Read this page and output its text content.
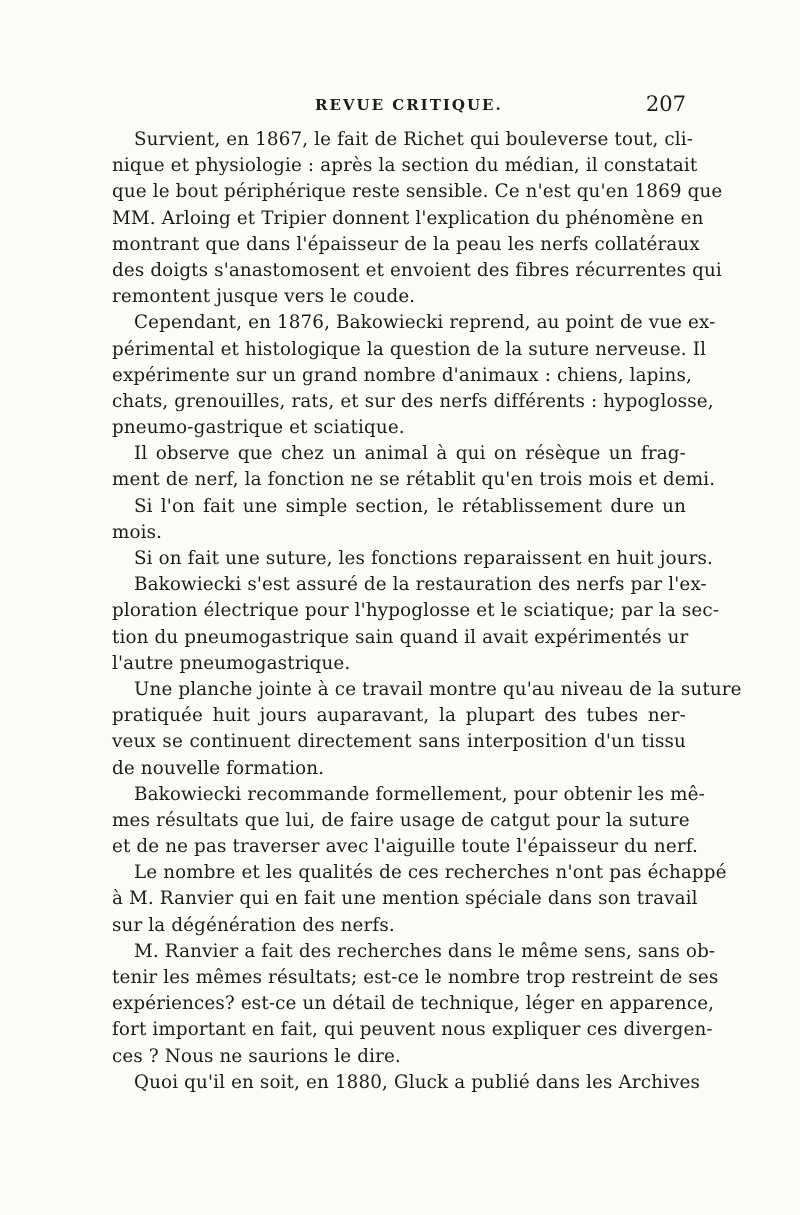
REVUE CRITIQUE.	207
Survient, en 1867, le fait de Richet qui bouleverse tout, cli-
nique et physiologie : après la section du médian, il constatait
que le bout périphérique reste sensible. Ce n'est qu'en 1869 que
MM. Arloing et Tripier donnent l'explication du phénomène en
montrant que dans l'épaisseur de la peau les nerfs collatéraux
des doigts s'anastomosent et envoient des fibres récurrentes qui
remontent jusque vers le coude.
Cependant, en 1876, Bakowiecki reprend, au point de vue ex-
périmental et histologique la question de la suture nerveuse. Il
expérimente sur un grand nombre d'animaux : chiens, lapins,
chats, grenouilles, rats, et sur des nerfs différents : hypoglosse,
pneumo-gastrique et sciatique.
Il observe que chez un animal à qui on résèque un frag-
ment de nerf, la fonction ne se rétablit qu'en trois mois et demi.
Si l'on fait une simple section, le rétablissement dure un
mois.
Si on fait une suture, les fonctions reparaissent en huit jours.
Bakowiecki s'est assuré de la restauration des nerfs par l'ex-
ploration électrique pour l'hypoglosse et le sciatique; par la sec-
tion du pneumogastrique sain quand il avait expérimentés ur
l'autre pneumogastrique.
Une planche jointe à ce travail montre qu'au niveau de la suture
pratiquée huit jours auparavant, la plupart des tubes ner-
veux se continuent directement sans interposition d'un tissu
de nouvelle formation.
Bakowiecki recommande formellement, pour obtenir les mê-
mes résultats que lui, de faire usage de catgut pour la suture
et de ne pas traverser avec l'aiguille toute l'épaisseur du nerf.
Le nombre et les qualités de ces recherches n'ont pas échappé
à M. Ranvier qui en fait une mention spéciale dans son travail
sur la dégénération des nerfs.
M. Ranvier a fait des recherches dans le même sens, sans ob-
tenir les mêmes résultats; est-ce le nombre trop restreint de ses
expériences? est-ce un détail de technique, léger en apparence,
fort important en fait, qui peuvent nous expliquer ces divergen-
ces ? Nous ne saurions le dire.
Quoi qu'il en soit, en 1880, Gluck a publié dans les Archives
